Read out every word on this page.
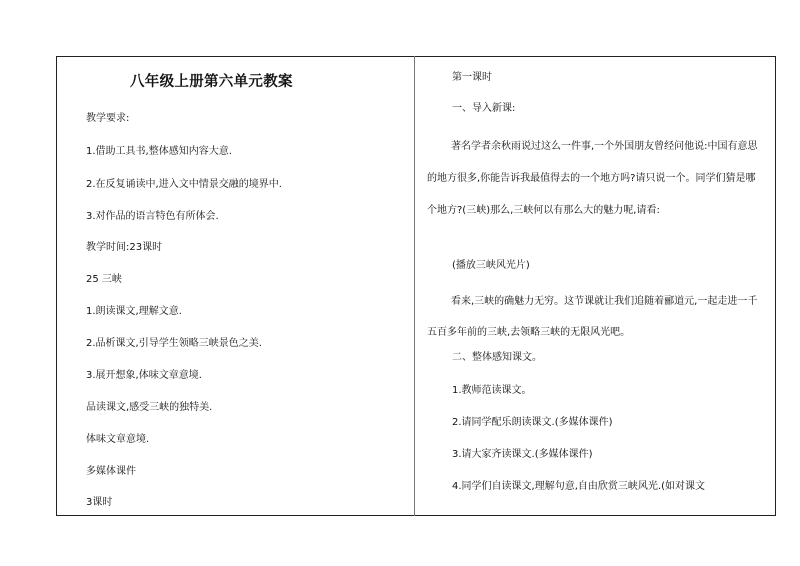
八年级上册第六单元教案
教学要求:
1.借助工具书,整体感知内容大意.
2.在反复诵读中,进入文中情景交融的境界中.
3.对作品的语言特色有所体会.
教学时间:23课时
25 三峡
1.朗读课文,理解文意.
2.品析课文,引导学生领略三峡景色之美.
3.展开想象,体味文章意境.
品读课文,感受三峡的独特美.
体味文章意境.
多媒体课件
3课时
第一课时
一、导入新课:
著名学者余秋雨说过这么一件事,一个外国朋友曾经问他说:中国有意思的地方很多,你能告诉我最值得去的一个地方吗?请只说一个。同学们猜是哪个地方?(三峡)那么,三峡何以有那么大的魅力呢,请看:
(播放三峡风光片)
看来,三峡的确魅力无穷。这节课就让我们追随着郦道元,一起走进一千五百多年前的三峡,去领略三峡的无限风光吧。
二、整体感知课文。
1.教师范读课文。
2.请同学配乐朗读课文.(多媒体课件)
3.请大家齐读课文.(多媒体课件)
4.同学们自读课文,理解句意,自由欣赏三峡风光.(如对课文
